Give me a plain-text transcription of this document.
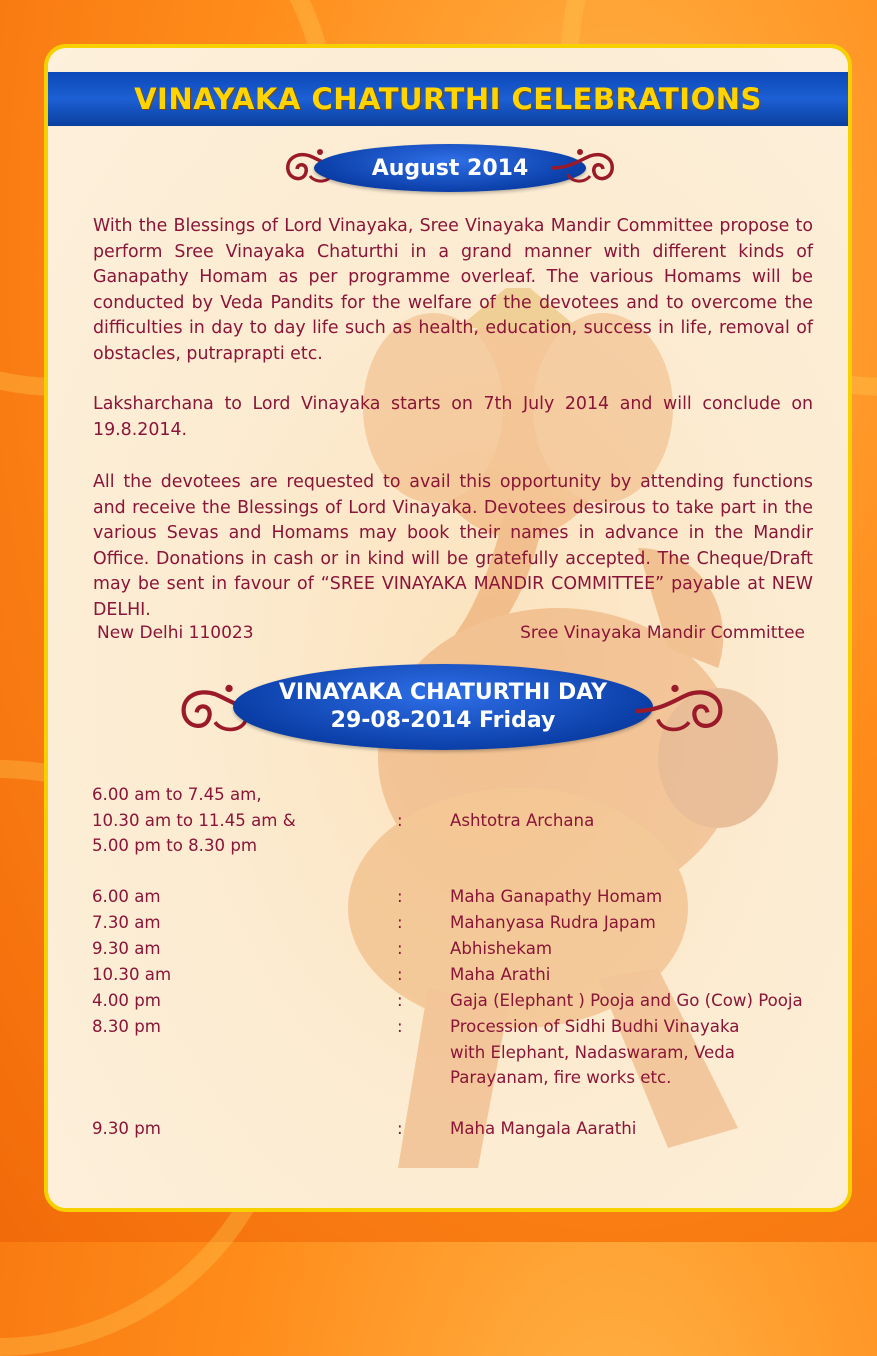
VINAYAKA CHATURTHI CELEBRATIONS
August 2014

With the Blessings of Lord Vinayaka, Sree Vinayaka Mandir Committee propose to perform Sree Vinayaka Chaturthi in a grand manner with different kinds of Ganapathy Homam as per programme overleaf. The various Homams will be conducted by Veda Pandits for the welfare of the devotees and to overcome the difficulties in day to day life such as health, education, success in life, removal of obstacles, putraprapti etc.

Laksharchana to Lord Vinayaka starts on 7th July 2014 and will conclude on 19.8.2014.

All the devotees are requested to avail this opportunity by attending functions and receive the Blessings of Lord Vinayaka. Devotees desirous to take part in the various Sevas and Homams may book their names in advance in the Mandir Office. Donations in cash or in kind will be gratefully accepted. The Cheque/Draft may be sent in favour of “SREE VINAYAKA MANDIR COMMITTEE” payable at NEW DELHI.

New Delhi 110023	Sree Vinayaka Mandir Committee
VINAYAKA CHATURTHI DAY
29-08-2014 Friday
6.00 am to 7.45 am,
10.30 am to 11.45 am &
5.00 pm to 8.30 pm
:	Ashtotra Archana
6.00 am	:	Maha Ganapathy Homam
7.30 am	:	Mahanyasa Rudra Japam
9.30 am	:	Abhishekam
10.30 am	:	Maha Arathi
4.00 pm	:	Gaja (Elephant ) Pooja and Go (Cow) Pooja
8.30 pm	:	Procession of Sidhi Budhi Vinayaka
with Elephant, Nadaswaram, Veda
Parayanam, fire works etc.
9.30 pm	:	Maha Mangala Aarathi
